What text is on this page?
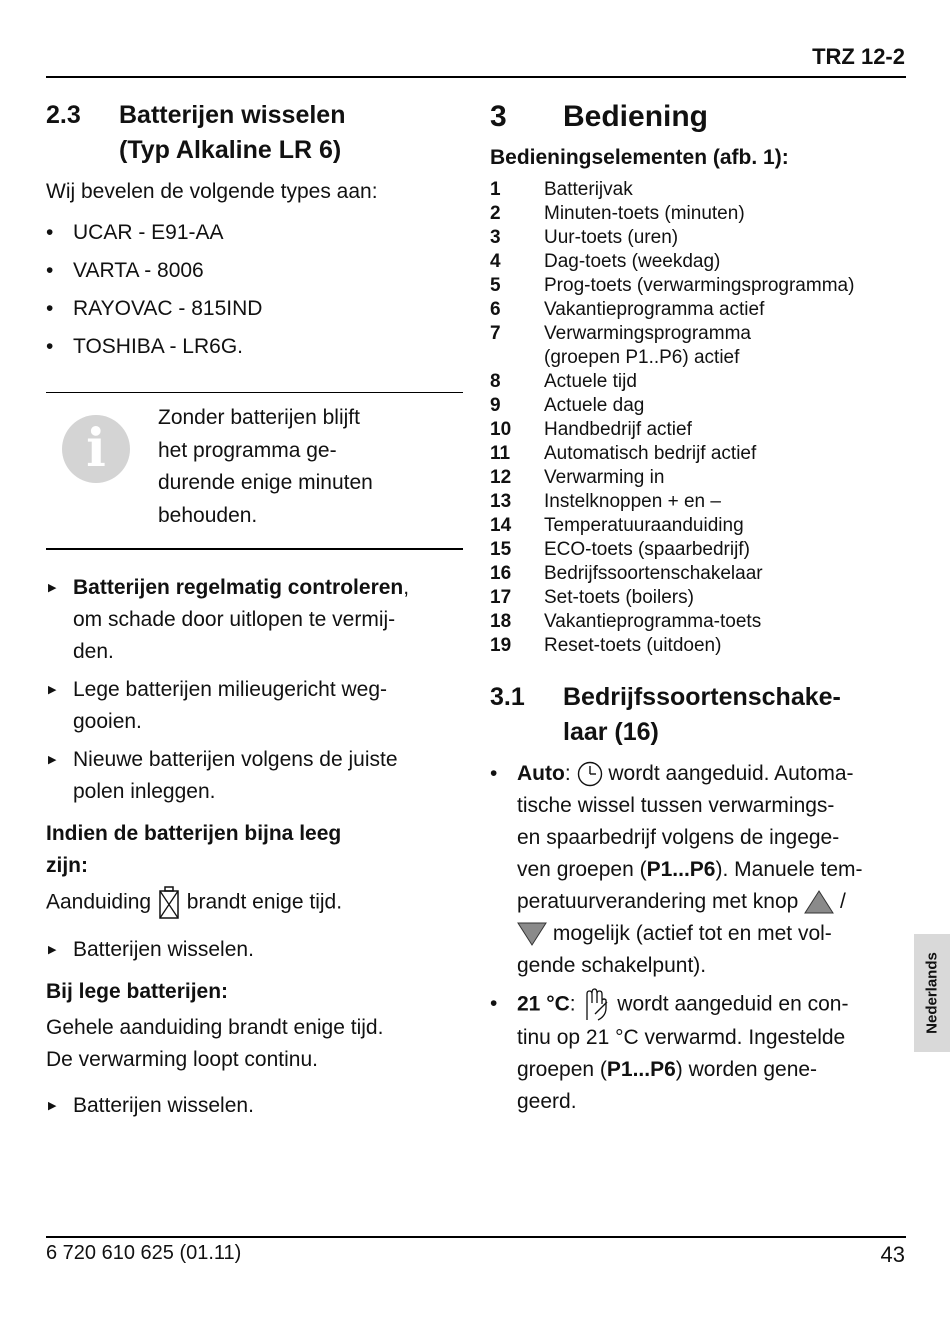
TRZ 12-2
2.3	Batterijen wisselen
(Typ Alkaline LR 6)

Wij bevelen de volgende types aan:

• UCAR - E91-AA
• VARTA - 8006
• RAYOVAC - 815IND
• TOSHIBA - LR6G.
i
Zonder batterijen blijft
het programma ge-
durende enige minuten
behouden.
▶ Batterijen regelmatig controleren,
om schade door uitlopen te vermij-
den.
▶ Lege batterijen milieugericht weg-
gooien.
▶ Nieuwe batterijen volgens de juiste
polen inleggen.
Indien de batterijen bijna leeg
zijn:

Aanduiding brandt enige tijd.

▶ Batterijen wisselen.
Bij lege batterijen:

Gehele aanduiding brandt enige tijd.
De verwarming loopt continu.

▶ Batterijen wisselen.
3	Bediening
Bedieningselementen (afb. 1):
1	Batterijvak
2	Minuten-toets (minuten)
3	Uur-toets (uren)
4	Dag-toets (weekdag)
5	Prog-toets (verwarmingsprogramma)
6	Vakantieprogramma actief
7	Verwarmingsprogramma
(groepen P1..P6) actief
8	Actuele tijd
9	Actuele dag
10	Handbedrijf actief
11	Automatisch bedrijf actief
12	Verwarming in
13	Instelknoppen + en –
14	Temperatuuraanduiding
15	ECO-toets (spaarbedrijf)
16	Bedrijfssoortenschakelaar
17	Set-toets (boilers)
18	Vakantieprogramma-toets
19	Reset-toets (uitdoen)
3.1	Bedrijfssoortenschake-
laar (16)
• Auto:  wordt aangeduid. Automa-
tische wissel tussen verwarmings-
en spaarbedrijf volgens de ingege-
ven groepen (P1...P6). Manuele tem-
peratuurverandering met knop /
mogelijk (actief tot en met vol-
gende schakelpunt).
• 21 °C:  wordt aangeduid en con-
tinu op 21 °C verwarmd. Ingestelde
groepen (P1...P6) worden gene-
geerd.
Nederlands
6 720 610 625 (01.11)	43
